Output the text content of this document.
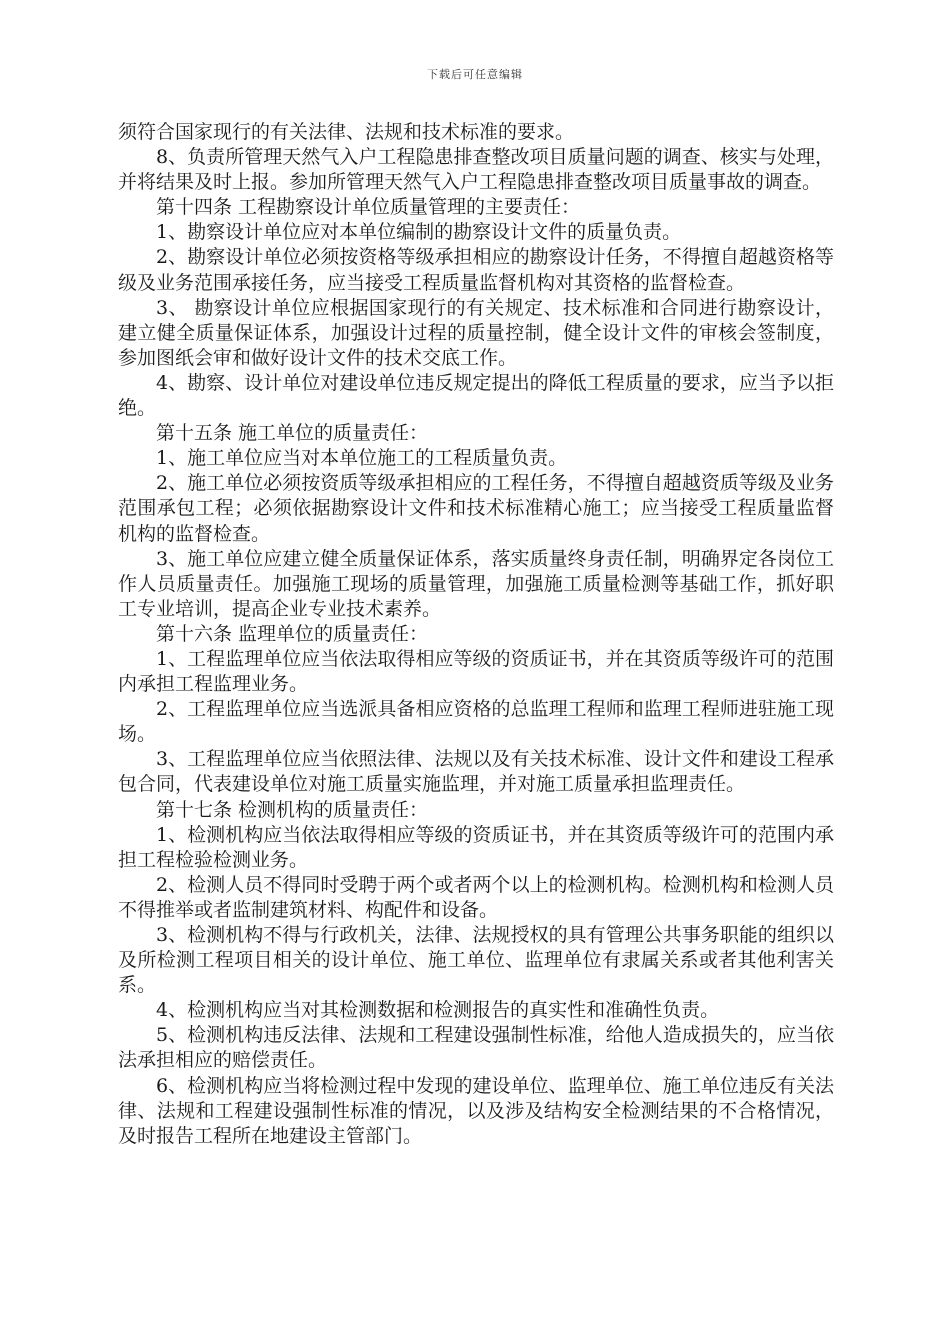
下载后可任意编辑

须符合国家现行的有关法律、法规和技术标准的要求。

8、负责所管理天然气入户工程隐患排查整改项目质量问题的调查、核实与处理，并将结果及时上报。参加所管理天然气入户工程隐患排查整改项目质量事故的调查。

第十四条 工程勘察设计单位质量管理的主要责任：

1、勘察设计单位应对本单位编制的勘察设计文件的质量负责。

2、勘察设计单位必须按资格等级承担相应的勘察设计任务，不得擅自超越资格等级及业务范围承接任务，应当接受工程质量监督机构对其资格的监督检查。

3、 勘察设计单位应根据国家现行的有关规定、技术标准和合同进行勘察设计，建立健全质量保证体系，加强设计过程的质量控制，健全设计文件的审核会签制度，参加图纸会审和做好设计文件的技术交底工作。

4、勘察、设计单位对建设单位违反规定提出的降低工程质量的要求，应当予以拒绝。

第十五条 施工单位的质量责任：

1、施工单位应当对本单位施工的工程质量负责。

2、施工单位必须按资质等级承担相应的工程任务，不得擅自超越资质等级及业务范围承包工程；必须依据勘察设计文件和技术标准精心施工；应当接受工程质量监督机构的监督检查。

3、施工单位应建立健全质量保证体系，落实质量终身责任制，明确界定各岗位工作人员质量责任。加强施工现场的质量管理，加强施工质量检测等基础工作，抓好职工专业培训，提高企业专业技术素养。

第十六条 监理单位的质量责任：

1、工程监理单位应当依法取得相应等级的资质证书，并在其资质等级许可的范围内承担工程监理业务。

2、工程监理单位应当选派具备相应资格的总监理工程师和监理工程师进驻施工现场。

3、工程监理单位应当依照法律、法规以及有关技术标准、设计文件和建设工程承包合同，代表建设单位对施工质量实施监理，并对施工质量承担监理责任。

第十七条 检测机构的质量责任：

1、检测机构应当依法取得相应等级的资质证书，并在其资质等级许可的范围内承担工程检验检测业务。

2、检测人员不得同时受聘于两个或者两个以上的检测机构。检测机构和检测人员不得推举或者监制建筑材料、构配件和设备。

3、检测机构不得与行政机关，法律、法规授权的具有管理公共事务职能的组织以及所检测工程项目相关的设计单位、施工单位、监理单位有隶属关系或者其他利害关系。

4、检测机构应当对其检测数据和检测报告的真实性和准确性负责。

5、检测机构违反法律、法规和工程建设强制性标准，给他人造成损失的，应当依法承担相应的赔偿责任。

6、检测机构应当将检测过程中发现的建设单位、监理单位、施工单位违反有关法律、法规和工程建设强制性标准的情况，以及涉及结构安全检测结果的不合格情况，及时报告工程所在地建设主管部门。
